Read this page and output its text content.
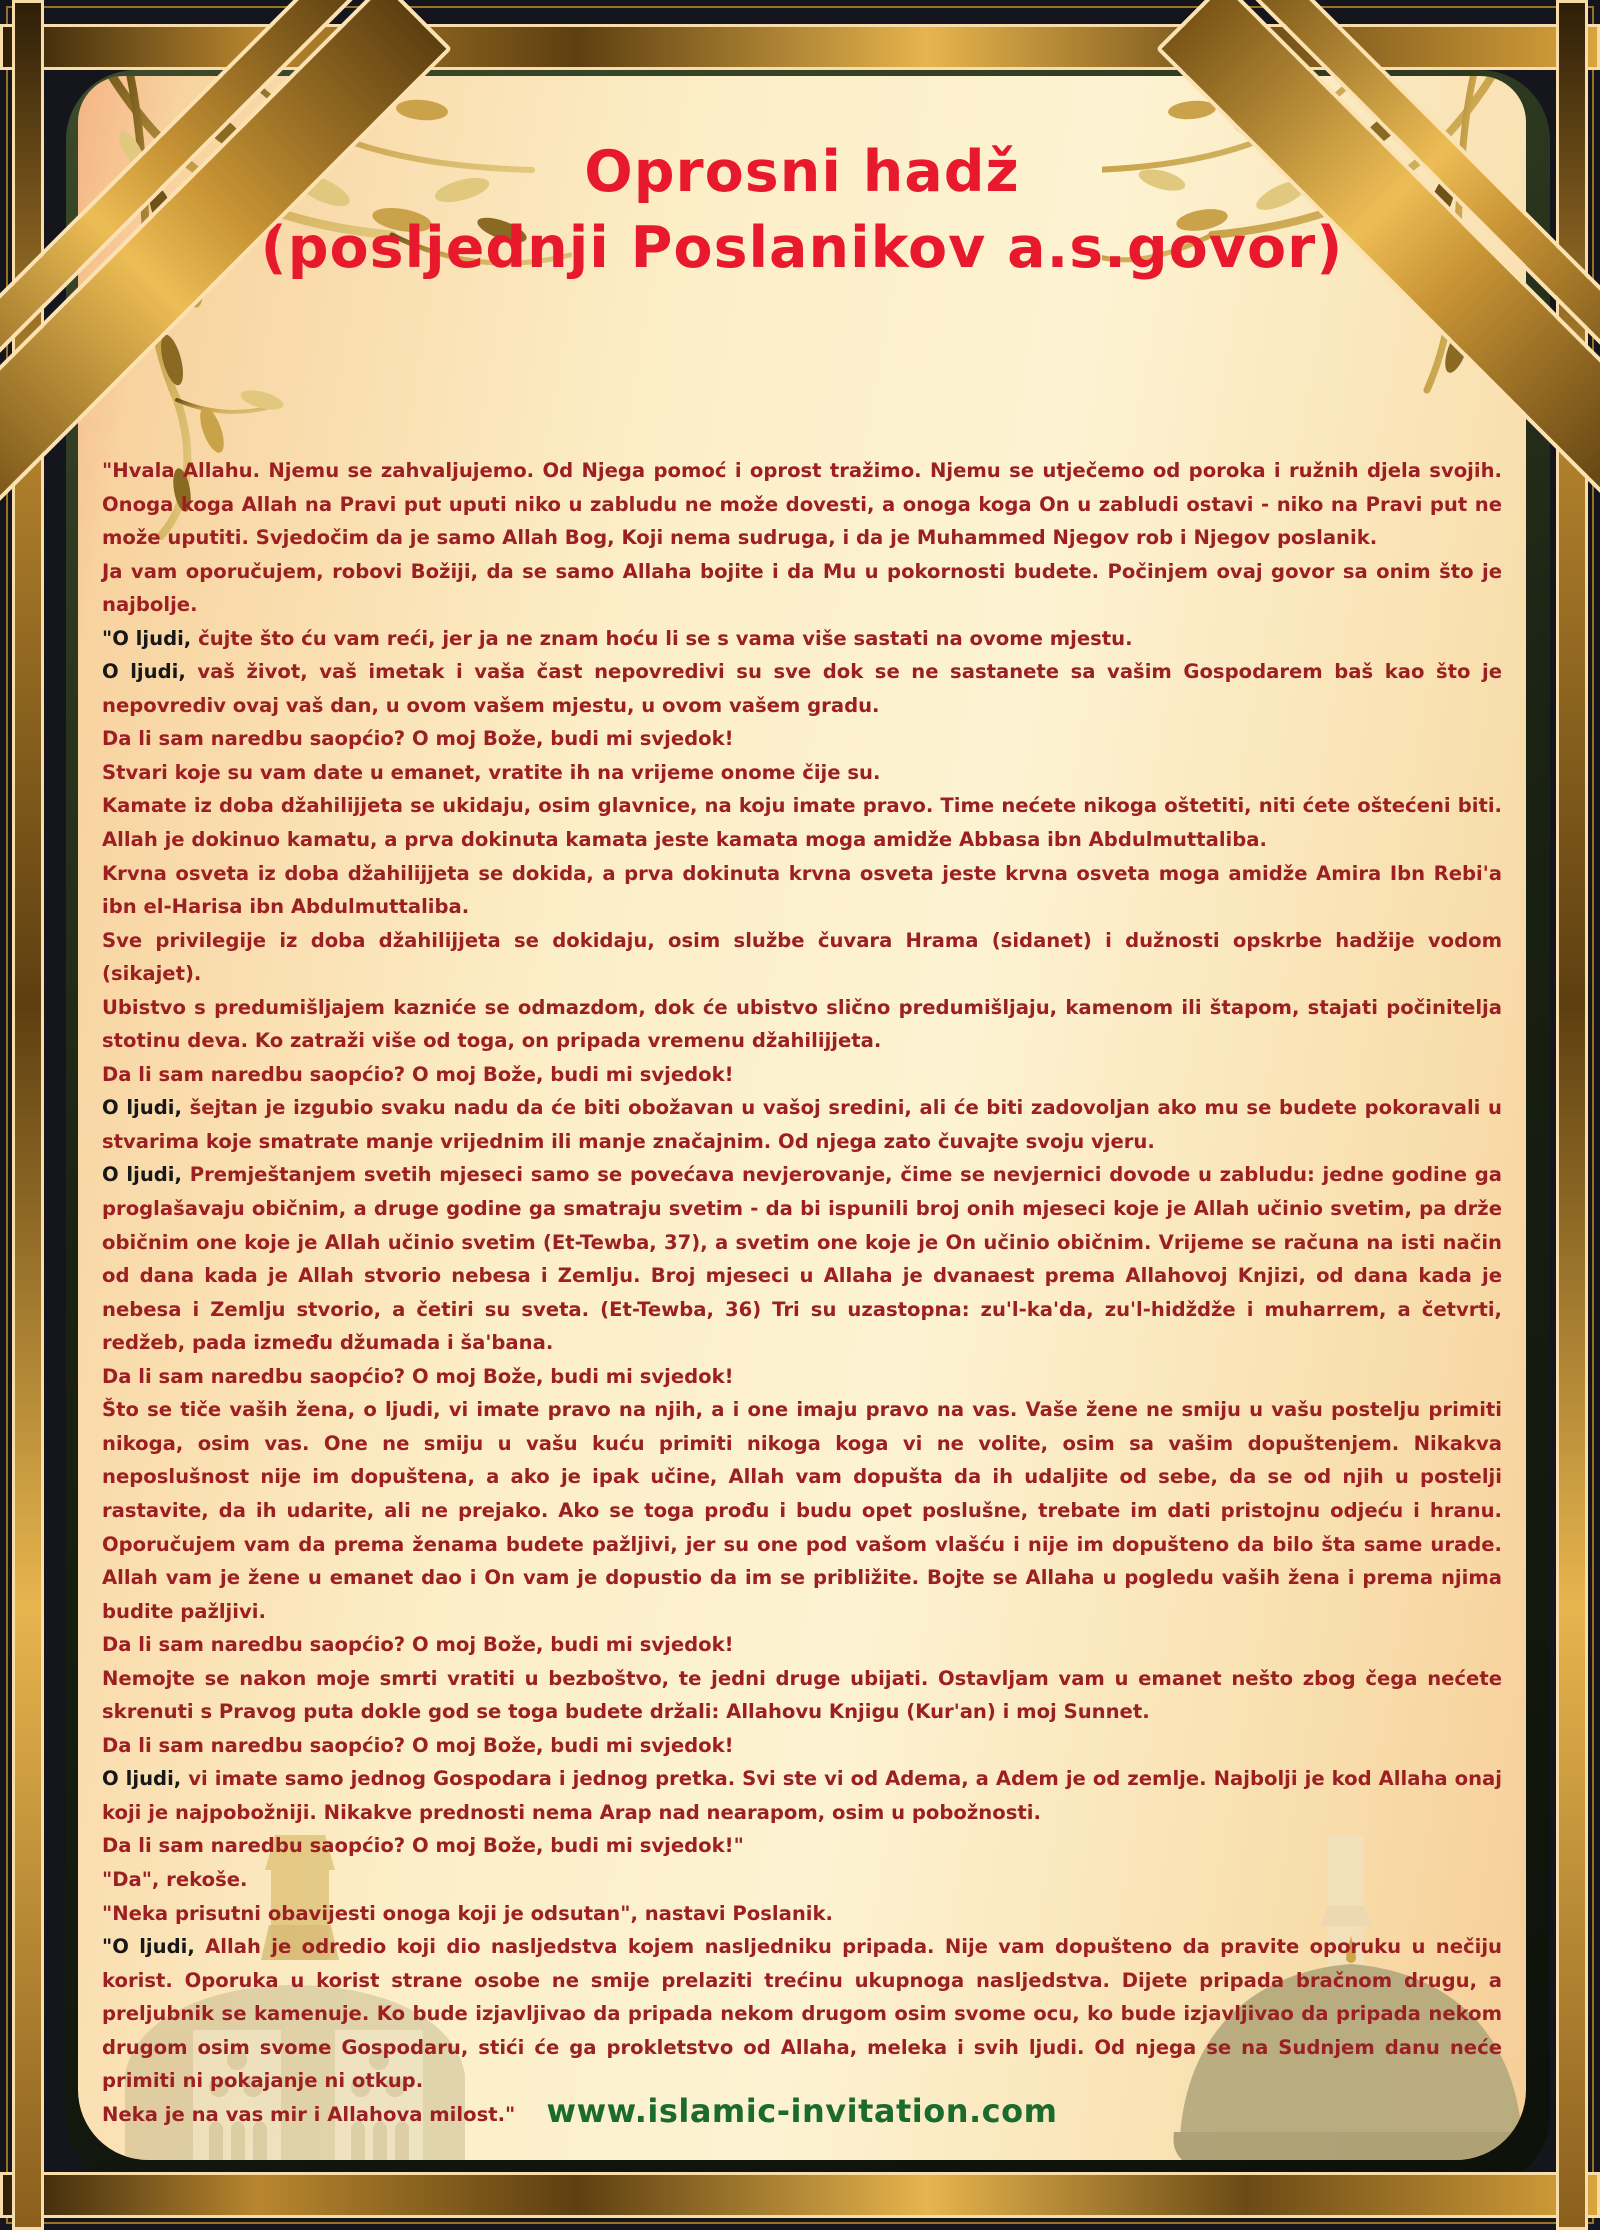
Oprosni hadž
(posljednji Poslanikov a.s.govor)

"Hvala Allahu. Njemu se zahvaljujemo. Od Njega pomoć i oprost tražimo. Njemu se utječemo od poroka i ružnih djela svojih. Onoga koga Allah na Pravi put uputi niko u zabludu ne može dovesti, a onoga koga On u zabludi ostavi - niko na Pravi put ne može uputiti. Svjedočim da je samo Allah Bog, Koji nema sudruga, i da je Muhammed Njegov rob i Njegov poslanik.

Ja vam oporučujem, robovi Božiji, da se samo Allaha bojite i da Mu u pokornosti budete. Počinjem ovaj govor sa onim što je najbolje.

"O ljudi, čujte što ću vam reći, jer ja ne znam hoću li se s vama više sastati na ovome mjestu.

O ljudi, vaš život, vaš imetak i vaša čast nepovredivi su sve dok se ne sastanete sa vašim Gospodarem baš kao što je nepovrediv ovaj vaš dan, u ovom vašem mjestu, u ovom vašem gradu.

Da li sam naredbu saopćio? O moj Bože, budi mi svjedok!

Stvari koje su vam date u emanet, vratite ih na vrijeme onome čije su.

Kamate iz doba džahilijjeta se ukidaju, osim glavnice, na koju imate pravo. Time nećete nikoga oštetiti, niti ćete oštećeni biti. Allah je dokinuo kamatu, a prva dokinuta kamata jeste kamata moga amidže Abbasa ibn Abdulmuttaliba.

Krvna osveta iz doba džahilijjeta se dokida, a prva dokinuta krvna osveta jeste krvna osveta moga amidže Amira Ibn Rebi'a ibn el-Harisa ibn Abdulmuttaliba.

Sve privilegije iz doba džahilijjeta se dokidaju, osim službe čuvara Hrama (sidanet) i dužnosti opskrbe hadžije vodom (sikajet).

Ubistvo s predumišljajem kazniće se odmazdom, dok će ubistvo slično predumišljaju, kamenom ili štapom, stajati počinitelja stotinu deva. Ko zatraži više od toga, on pripada vremenu džahilijjeta.

Da li sam naredbu saopćio? O moj Bože, budi mi svjedok!

O ljudi, šejtan je izgubio svaku nadu da će biti obožavan u vašoj sredini, ali će biti zadovoljan ako mu se budete pokoravali u stvarima koje smatrate manje vrijednim ili manje značajnim. Od njega zato čuvajte svoju vjeru.

O ljudi, Premještanjem svetih mjeseci samo se povećava nevjerovanje, čime se nevjernici dovode u zabludu: jedne godine ga proglašavaju običnim, a druge godine ga smatraju svetim - da bi ispunili broj onih mjeseci koje je Allah učinio svetim, pa drže običnim one koje je Allah učinio svetim (Et-Tewba, 37), a svetim one koje je On učinio običnim. Vrijeme se računa na isti način od dana kada je Allah stvorio nebesa i Zemlju. Broj mjeseci u Allaha je dvanaest prema Allahovoj Knjizi, od dana kada je nebesa i Zemlju stvorio, a četiri su sveta. (Et-Tewba, 36) Tri su uzastopna: zu'l-ka'da, zu'l-hidždže i muharrem, a četvrti, redžeb, pada između džumada i ša'bana.

Da li sam naredbu saopćio? O moj Bože, budi mi svjedok!

Što se tiče vaših žena, o ljudi, vi imate pravo na njih, a i one imaju pravo na vas. Vaše žene ne smiju u vašu postelju primiti nikoga, osim vas. One ne smiju u vašu kuću primiti nikoga koga vi ne volite, osim sa vašim dopuštenjem. Nikakva neposlušnost nije im dopuštena, a ako je ipak učine, Allah vam dopušta da ih udaljite od sebe, da se od njih u postelji rastavite, da ih udarite, ali ne prejako. Ako se toga prođu i budu opet poslušne, trebate im dati pristojnu odjeću i hranu. Oporučujem vam da prema ženama budete pažljivi, jer su one pod vašom vlašću i nije im dopušteno da bilo šta same urade. Allah vam je žene u emanet dao i On vam je dopustio da im se približite. Bojte se Allaha u pogledu vaših žena i prema njima budite pažljivi.

Da li sam naredbu saopćio? O moj Bože, budi mi svjedok!

Nemojte se nakon moje smrti vratiti u bezboštvo, te jedni druge ubijati. Ostavljam vam u emanet nešto zbog čega nećete skrenuti s Pravog puta dokle god se toga budete držali: Allahovu Knjigu (Kur'an) i moj Sunnet.

Da li sam naredbu saopćio? O moj Bože, budi mi svjedok!

O ljudi, vi imate samo jednog Gospodara i jednog pretka. Svi ste vi od Adema, a Adem je od zemlje. Najbolji je kod Allaha onaj koji je najpobožniji. Nikakve prednosti nema Arap nad nearapom, osim u pobožnosti.

Da li sam naredbu saopćio? O moj Bože, budi mi svjedok!"

"Da", rekoše.

"Neka prisutni obavijesti onoga koji je odsutan", nastavi Poslanik.

"O ljudi, Allah je odredio koji dio nasljedstva kojem nasljedniku pripada. Nije vam dopušteno da pravite oporuku u nečiju korist. Oporuka u korist strane osobe ne smije prelaziti trećinu ukupnoga nasljedstva. Dijete pripada bračnom drugu, a preljubnik se kamenuje. Ko bude izjavljivao da pripada nekom drugom osim svome ocu, ko bude izjavljivao da pripada nekom drugom osim svome Gospodaru, stići će ga prokletstvo od Allaha, meleka i svih ljudi. Od njega se na Sudnjem danu neće primiti ni pokajanje ni otkup.

Neka je na vas mir i Allahova milost." www.islamic-invitation.com
